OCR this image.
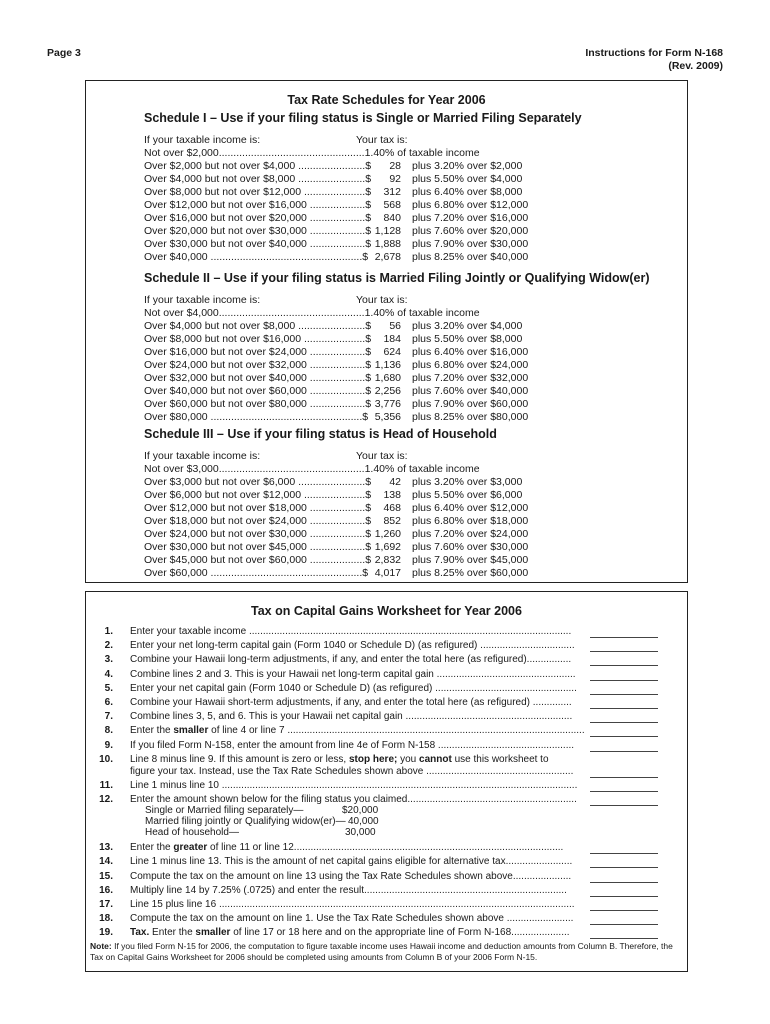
Page 3	Instructions for Form N-168
(Rev. 2009)
Tax Rate Schedules for Year 2006
Schedule I – Use if your filing status is Single or Married Filing Separately
If your taxable income is:	Your tax is:
Not over $2,000..................................................1.40% of taxable income
Over $2,000 but not over $4,000 .......................$	28 plus 3.20% over $2,000
Over $4,000 but not over $8,000 .......................$	92 plus 5.50% over $4,000
Over $8,000 but not over $12,000 .....................$	312 plus 6.40% over $8,000
Over $12,000 but not over $16,000 ...................$	568 plus 6.80% over $12,000
Over $16,000 but not over $20,000 ...................$	840 plus 7.20% over $16,000
Over $20,000 but not over $30,000 ...................$ 1,128 plus 7.60% over $20,000
Over $30,000 but not over $40,000 ...................$ 1,888 plus 7.90% over $30,000
Over $40,000 ....................................................$ 2,678 plus 8.25% over $40,000
Schedule II – Use if your filing status is Married Filing Jointly or Qualifying Widow(er)
If your taxable income is:	Your tax is:
Not over $4,000..................................................1.40% of taxable income
Over $4,000 but not over $8,000 .......................$	56 plus 3.20% over $4,000
Over $8,000 but not over $16,000 .....................$	184 plus 5.50% over $8,000
Over $16,000 but not over $24,000 ...................$	624 plus 6.40% over $16,000
Over $24,000 but not over $32,000 ...................$ 1,136 plus 6.80% over $24,000
Over $32,000 but not over $40,000 ...................$ 1,680 plus 7.20% over $32,000
Over $40,000 but not over $60,000 ...................$ 2,256 plus 7.60% over $40,000
Over $60,000 but not over $80,000 ...................$ 3,776 plus 7.90% over $60,000
Over $80,000 ....................................................$ 5,356 plus 8.25% over $80,000
Schedule III – Use if your filing status is Head of Household
If your taxable income is:	Your tax is:
Not over $3,000..................................................1.40% of taxable income
Over $3,000 but not over $6,000 .......................$	42 plus 3.20% over $3,000
Over $6,000 but not over $12,000 .....................$	138 plus 5.50% over $6,000
Over $12,000 but not over $18,000 ...................$	468 plus 6.40% over $12,000
Over $18,000 but not over $24,000 ...................$	852 plus 6.80% over $18,000
Over $24,000 but not over $30,000 ...................$ 1,260 plus 7.20% over $24,000
Over $30,000 but not over $45,000 ...................$ 1,692 plus 7.60% over $30,000
Over $45,000 but not over $60,000 ...................$ 2,832 plus 7.90% over $45,000
Over $60,000 ....................................................$ 4,017 plus 8.25% over $60,000
Tax on Capital Gains Worksheet for Year 2006
1. Enter your taxable income ....................................................................................................................
2. Enter your net long-term capital gain (Form 1040 or Schedule D) (as refigured) ..................................
3. Combine your Hawaii long-term adjustments, if any, and enter the total here (as refigured)................
4. Combine lines 2 and 3. This is your Hawaii net long-term capital gain ..................................................
5. Enter your net capital gain (Form 1040 or Schedule D) (as refigured) ...................................................
6. Combine your Hawaii short-term adjustments, if any, and enter the total here (as refigured) ..............
7. Combine lines 3, 5, and 6. This is your Hawaii net capital gain ............................................................
8. Enter the smaller of line 4 or line 7 ...........................................................................................................
9. If you filed Form N-158, enter the amount from line 4e of Form N-158 .................................................
10. Line 8 minus line 9. If this amount is zero or less, stop here; you cannot use this worksheet to
figure your tax. Instead, use the Tax Rate Schedules shown above .....................................................
11. Line 1 minus line 10 ................................................................................................................................
12. Enter the amount shown below for the filing status you claimed.............................................................
Single or Married filing separately—	$20,000
Married filing jointly or Qualifying widow(er)— 40,000
Head of household—	30,000
13. Enter the greater of line 11 or line 12.................................................................................................
14. Line 1 minus line 13. This is the amount of net capital gains eligible for alternative tax........................
15. Compute the tax on the amount on line 13 using the Tax Rate Schedules shown above.....................
16. Multiply line 14 by 7.25% (.0725) and enter the result.........................................................................
17. Line 15 plus line 16 ................................................................................................................................
18. Compute the tax on the amount on line 1. Use the Tax Rate Schedules shown above ........................
19. Tax. Enter the smaller of line 17 or 18 here and on the appropriate line of Form N-168.....................
Note: If you filed Form N-15 for 2006, the computation to figure taxable income uses Hawaii income and deduction amounts from Column B. Therefore, the Tax on Capital Gains Worksheet for 2006 should be completed using amounts from Column B of your 2006 Form N-15.
